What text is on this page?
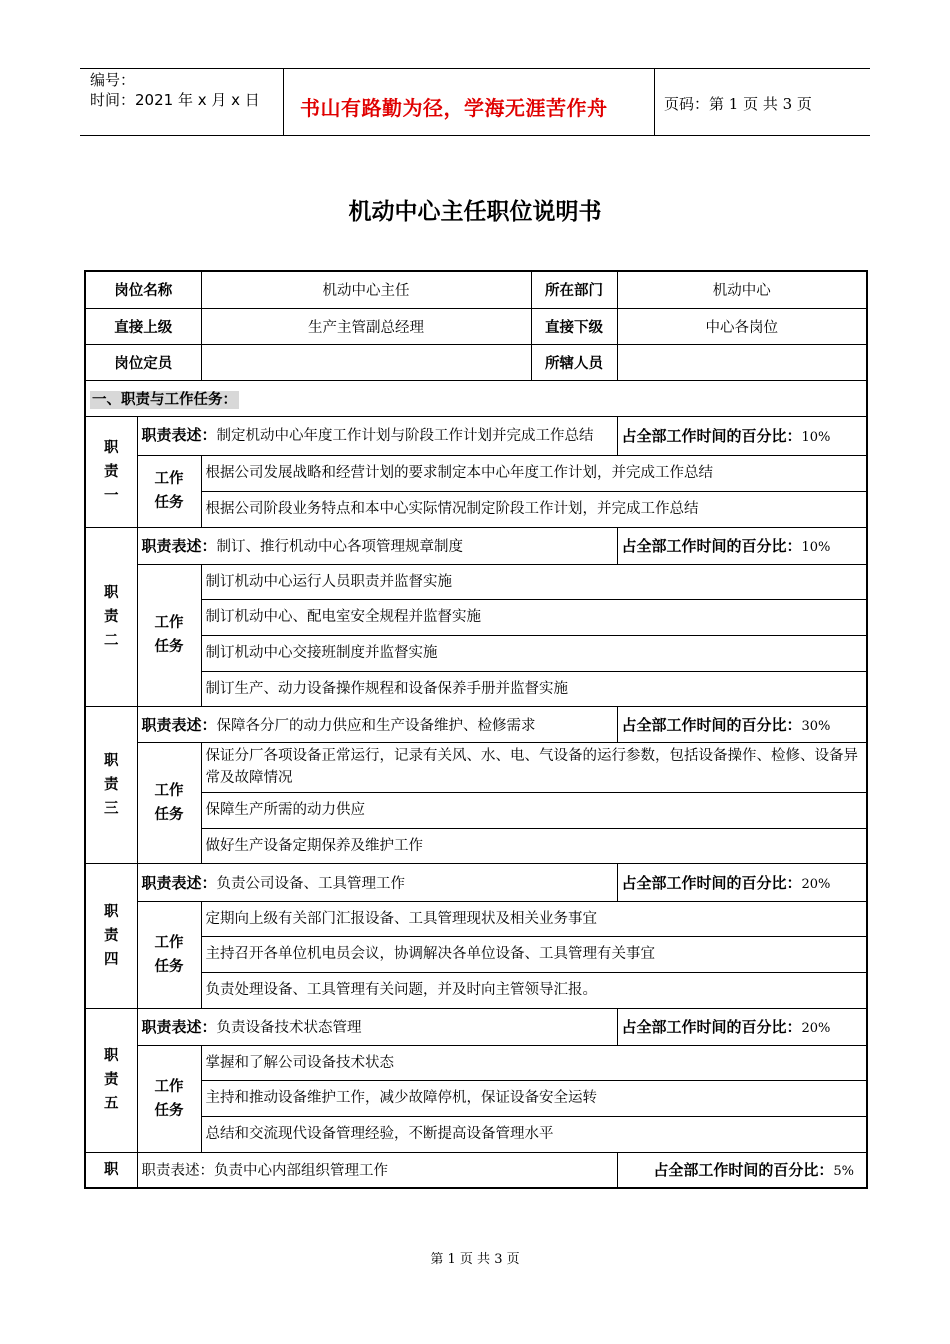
编号：
时间：2021 年 x 月 x 日 书山有路勤为径，学海无涯苦作舟	页码：第 1 页 共 3 页
机动中心主任职位说明书
岗位名称		机动中心主任	所在部门	机动中心
直接上级		生产主管副总经理	直接下级	中心各岗位
岗位定员			所辖人员	
一、职责与工作任务：				

职责一	职责表述：制定机动中心年度工作计划与阶段工作计划并完成工作总结			占全部工作时间的百分比：10%

	工作任务	根据公司发展战略和经营计划的要求制定本中心年度工作计划，并完成工作总结		
		根据公司阶段业务特点和本中心实际情况制定阶段工作计划，并完成工作总结		

职责二	职责表述：制订、推行机动中心各项管理规章制度			占全部工作时间的百分比：10%

	工作任务	制订机动中心运行人员职责并监督实施		
		制订机动中心、配电室安全规程并监督实施		
		制订机动中心交接班制度并监督实施		
		制订生产、动力设备操作规程和设备保养手册并监督实施		

职责三	职责表述：保障各分厂的动力供应和生产设备维护、检修需求			占全部工作时间的百分比：30%

	工作任务	保证分厂各项设备正常运行，记录有关风、水、电、气设备的运行参数，包括设备操作、检修、设备异常及故障情况		
		保障生产所需的动力供应		
		做好生产设备定期保养及维护工作		

职责四	职责表述：负责公司设备、工具管理工作			占全部工作时间的百分比：20%

	工作任务	定期向上级有关部门汇报设备、工具管理现状及相关业务事宜		
		主持召开各单位机电员会议，协调解决各单位设备、工具管理有关事宜		
		负责处理设备、工具管理有关问题，并及时向主管领导汇报。		

职责五	职责表述：负责设备技术状态管理			占全部工作时间的百分比：20%

	工作任务	掌握和了解公司设备技术状态		
		主持和推动设备维护工作，减少故障停机，保证设备安全运转		
		总结和交流现代设备管理经验，不断提高设备管理水平		
职	职责表述：负责中心内部组织管理工作			占全部工作时间的百分比：5%
第 1 页 共 3 页
